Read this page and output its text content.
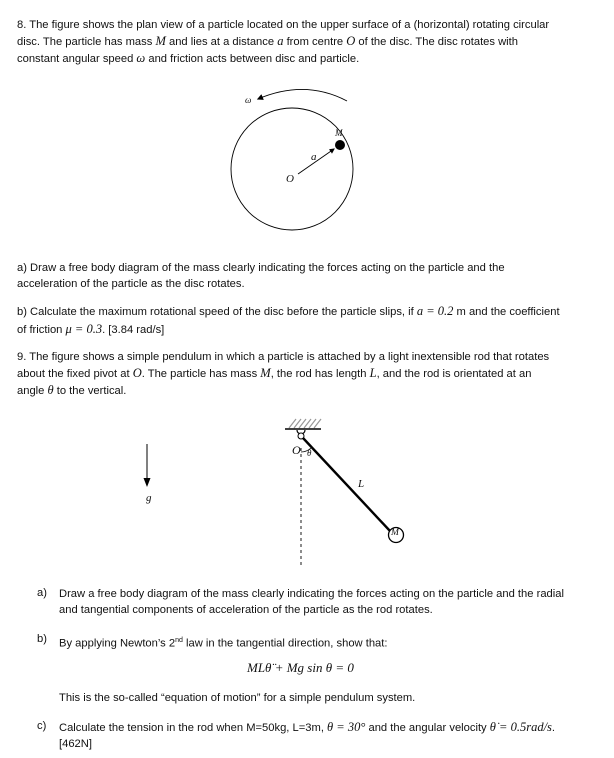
8. The figure shows the plan view of a particle located on the upper surface of a (horizontal) rotating circular
disc. The particle has mass M and lies at a distance a from centre O of the disc. The disc rotates with
constant angular speed ω and friction acts between disc and particle.
ω
M
a
O
a) Draw a free body diagram of the mass clearly indicating the forces acting on the particle and the
acceleration of the particle as the disc rotates.
b) Calculate the maximum rotational speed of the disc before the particle slips, if a = 0.2 m and the coefficient
of friction μ = 0.3. [3.84 rad/s]
9. The figure shows a simple pendulum in which a particle is attached by a light inextensible rod that rotates
about the fixed pivot at O. The particle has mass M, the rod has length L, and the rod is orientated at an
angle θ to the vertical.
O θ
L
M
g
a) Draw a free body diagram of the mass clearly indicating the forces acting on the particle and the radial
and tangential components of acceleration of the particle as the rod rotates.
b) By applying Newton’s 2nd law in the tangential direction, show that:
MLθ̈ + Mg sin θ = 0
This is the so-called “equation of motion” for a simple pendulum system.
c) Calculate the tension in the rod when M=50kg, L=3m, θ = 30° and the angular velocity θ̇ = 0.5rad/s.
[462N]
